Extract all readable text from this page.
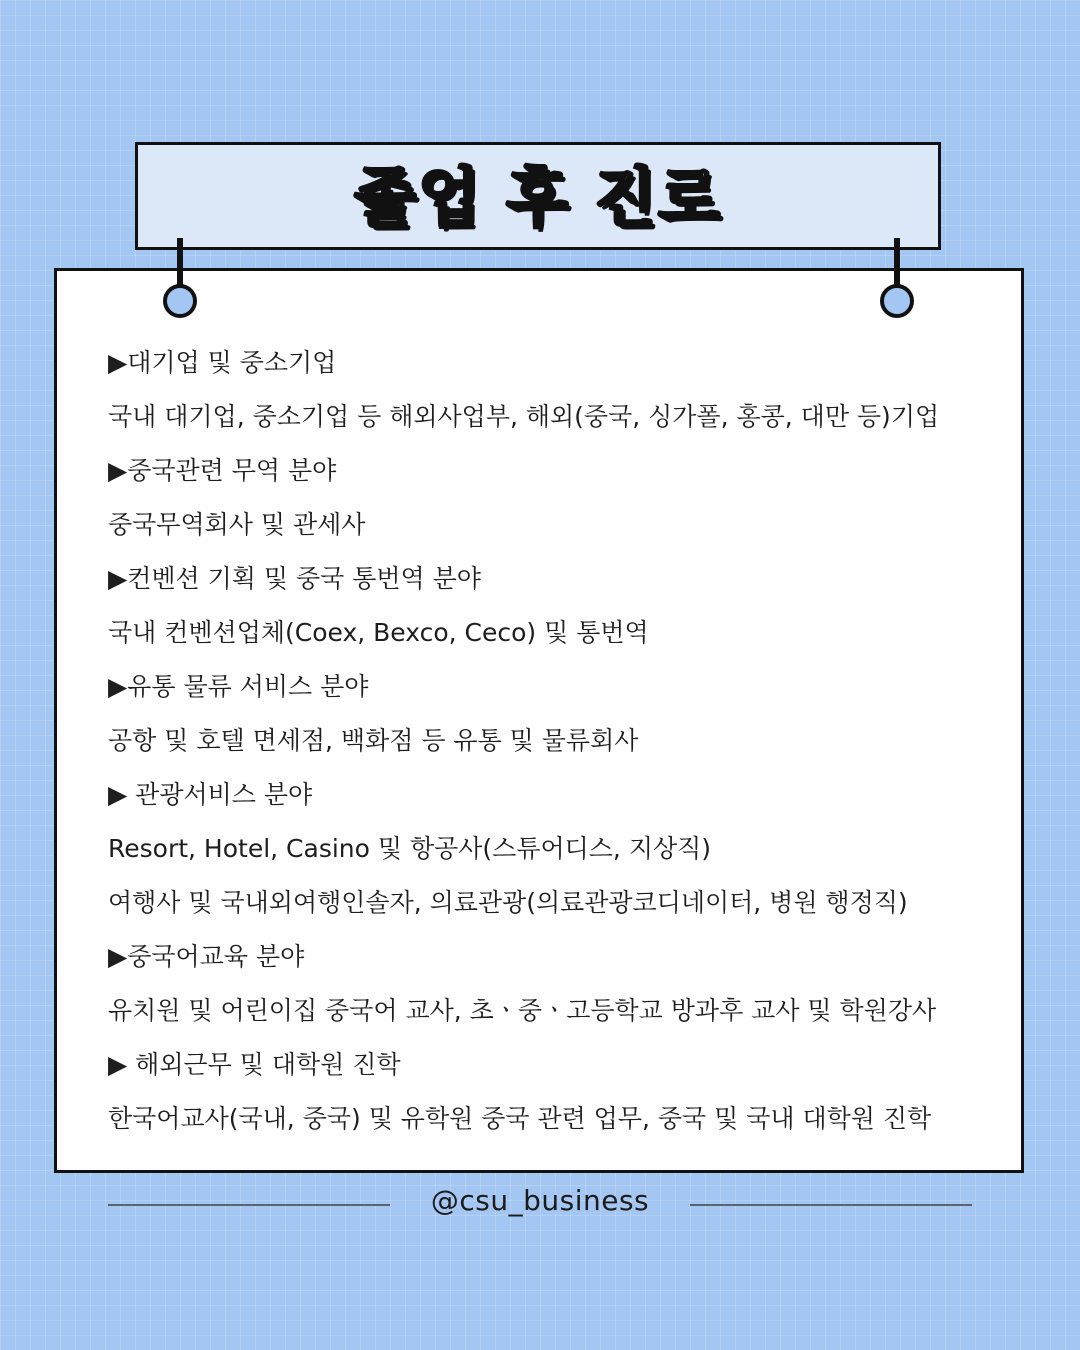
졸업 후 진로
▶대기업 및 중소기업
국내 대기업, 중소기업 등 해외사업부, 해외(중국, 싱가폴, 홍콩, 대만 등)기업
▶중국관련 무역 분야
중국무역회사 및 관세사
▶컨벤션 기획 및 중국 통번역 분야
국내 컨벤션업체(Coex, Bexco, Ceco) 및 통번역
▶유통 물류 서비스 분야
공항 및 호텔 면세점, 백화점 등 유통 및 물류회사
▶ 관광서비스 분야
Resort, Hotel, Casino 및 항공사(스튜어디스, 지상직)
여행사 및 국내외여행인솔자, 의료관광(의료관광코디네이터, 병원 행정직)
▶중국어교육 분야
유치원 및 어린이집 중국어 교사, 초ㆍ중ㆍ고등학교 방과후 교사 및 학원강사
▶ 해외근무 및 대학원 진학
한국어교사(국내, 중국) 및 유학원 중국 관련 업무, 중국 및 국내 대학원 진학
@csu_business
